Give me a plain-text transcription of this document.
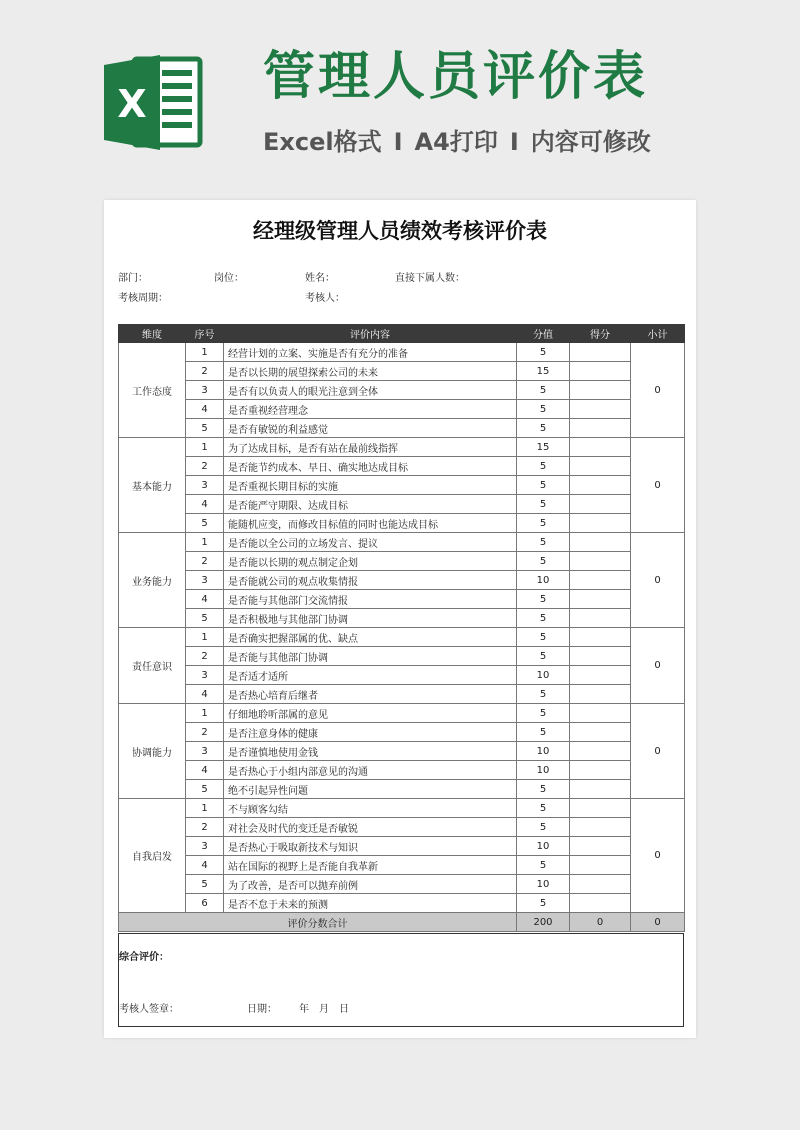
X 管理人员评价表
Excel格式 I A4打印 I 内容可修改
经理级管理人员绩效考核评价表
部门：	岗位：	姓名：	直接下属人数：
考核周期：	考核人：
维度	序号	评价内容	分值	得分	小计
工作态度	1	经营计划的立案、实施是否有充分的准备	5		0
	2	是否以长期的展望探索公司的未来	15		
	3	是否有以负责人的眼光注意到全体	5		
	4	是否重视经营理念	5		
	5	是否有敏锐的利益感觉	5		
基本能力	1	为了达成目标，是否有站在最前线指挥	15		0
	2	是否能节约成本、早日、确实地达成目标	5		
	3	是否重视长期目标的实施	5		
	4	是否能严守期限、达成目标	5		
	5	能随机应变，而修改目标值的同时也能达成目标	5		
业务能力	1	是否能以全公司的立场发言、提议	5		0
	2	是否能以长期的观点制定企划	5		
	3	是否能就公司的观点收集情报	10		
	4	是否能与其他部门交流情报	5		
	5	是否积极地与其他部门协调	5		
责任意识	1	是否确实把握部属的优、缺点	5		0
	2	是否能与其他部门协调	5		
	3	是否适才适所	10		
	4	是否热心培育后继者	5		
协调能力	1	仔细地聆听部属的意见	5		0
	2	是否注意身体的健康	5		
	3	是否谨慎地使用金钱	10		
	4	是否热心于小组内部意见的沟通	10		
	5	绝不引起异性问题	5		
自我启发	1	不与顾客勾结	5		0
	2	对社会及时代的变迁是否敏锐	5		
	3	是否热心于吸取新技术与知识	10		
	4	站在国际的视野上是否能自我革新	5		
	5	为了改善，是否可以抛弃前例	10		
	6	是否不怠于未来的预测	5		
评价分数合计			200	0	0
综合评价：
考核人签章：	日期： 年　月　日
